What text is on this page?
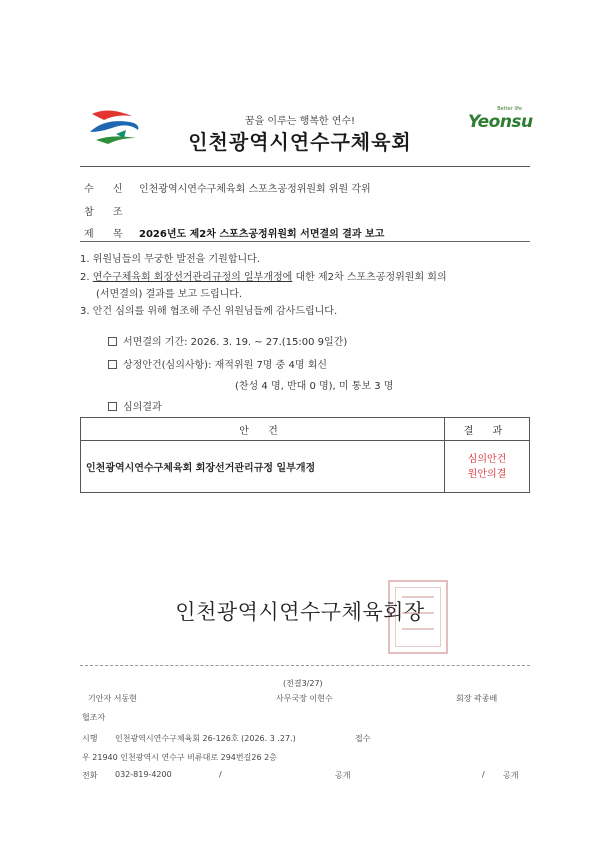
꿈을 이루는 행복한 연수!
인천광역시연수구체육회
Better life
Yeonsu
수 신 인천광역시연수구체육회 스포츠공정위원회 위원 각위
참 조
제 목 2026년도 제2차 스포츠공정위원회 서면결의 결과 보고
1. 위원님들의 무궁한 발전을 기원합니다.
2. 연수구체육회 회장선거관리규정의 일부개정에 대한 제2차 스포츠공정위원회 회의
(서면결의) 결과를 보고 드립니다.
3. 안건 심의를 위해 협조해 주신 위원님들께 감사드립니다.
서면결의 기간: 2026. 3. 19. ~ 27.(15:00 9일간)
상정안건(심의사항): 재적위원 7명 중 4명 회신
(찬성 4 명, 반대 0 명), 미 통보 3 명
심의결과
안 건	결 과
인천광역시연수구체육회 회장선거관리규정 일부개정	심의안건
원안의결
인천광역시연수구체육회장
(전결3/27)
기안자 서동현	사무국장 이현수	회장 곽종배
협조자
시행 인천광역시연수구체육회 26-126호 (2026. 3 .27.)	접수
우 21940 인천광역시 연수구 비류대로 294번길26 2층
전화 032-819-4200	/	공개	/ 공개
